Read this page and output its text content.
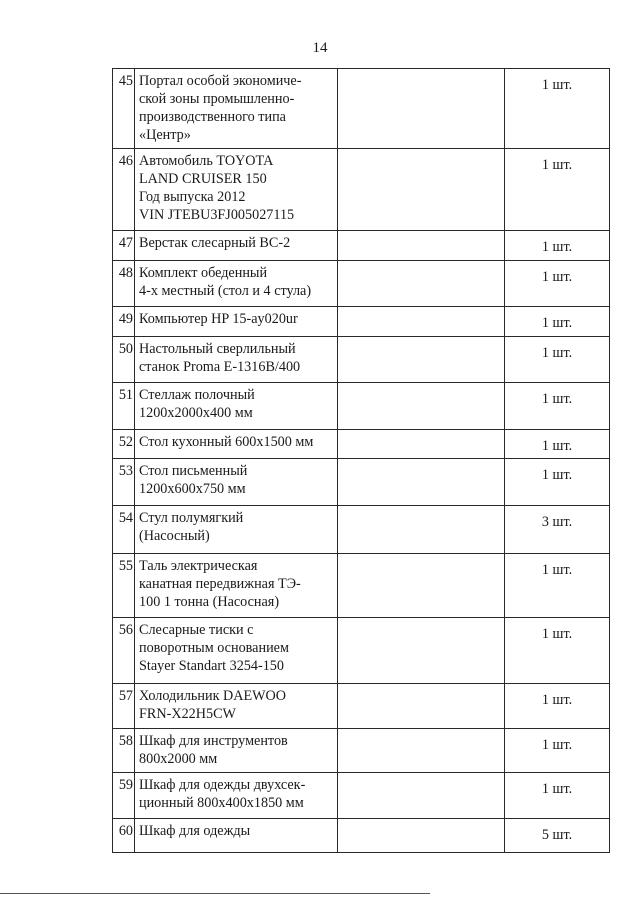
14
45	Портал особой экономиче-
ской зоны промышленно-
производственного типа
«Центр»		1 шт.
46	Автомобиль TOYOTA
LAND CRUISER 150
Год выпуска 2012
VIN JTEBU3FJ005027115		1 шт.
47	Верстак слесарный ВС-2		1 шт.
48	Комплект обеденный
4-х местный (стол и 4 стула)		1 шт.
49	Компьютер HP 15-ay020ur		1 шт.
50	Настольный сверлильный
станок Proma E-1316B/400		1 шт.
51	Стеллаж полочный
1200x2000x400 мм		1 шт.
52	Стол кухонный 600x1500 мм		1 шт.
53	Стол письменный
1200x600x750 мм		1 шт.
54	Стул полумягкий
(Насосный)		3 шт.
55	Таль электрическая
канатная передвижная ТЭ-
100 1 тонна (Насосная)		1 шт.
56	Слесарные тиски с
поворотным основанием
Stayer Standart 3254-150		1 шт.
57	Холодильник DAEWOO
FRN-X22H5CW		1 шт.
58	Шкаф для инструментов
800x2000 мм		1 шт.
59	Шкаф для одежды двухсек-
ционный 800x400x1850 мм		1 шт.
60	Шкаф для одежды		5 шт.
